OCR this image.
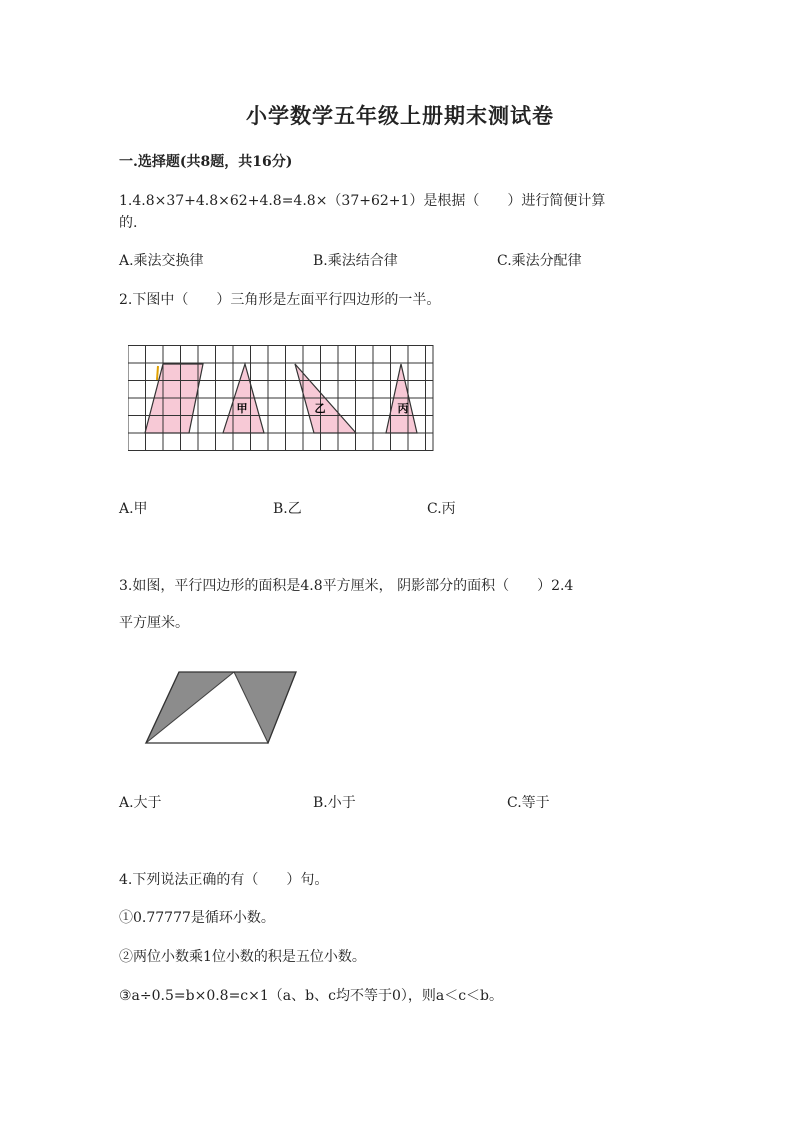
小学数学五年级上册期末测试卷
一.选择题(共8题，共16分)
1.4.8×37+4.8×62+4.8=4.8×（37+62+1）是根据（　　）进行简便计算
的.
A.乘法交换律	B.乘法结合律	C.乘法分配律
2.下图中（　　）三角形是左面平行四边形的一半。
甲	乙	丙
A.甲	B.乙	C.丙
3.如图，平行四边形的面积是4.8平方厘米， 阴影部分的面积（　　）2.4
平方厘米。
A.大于	B.小于	C.等于
4.下列说法正确的有（　　）句。
①0.77777是循环小数。
②两位小数乘1位小数的积是五位小数。
③a÷0.5=b×0.8=c×1（a、b、c均不等于0），则a＜c＜b。
